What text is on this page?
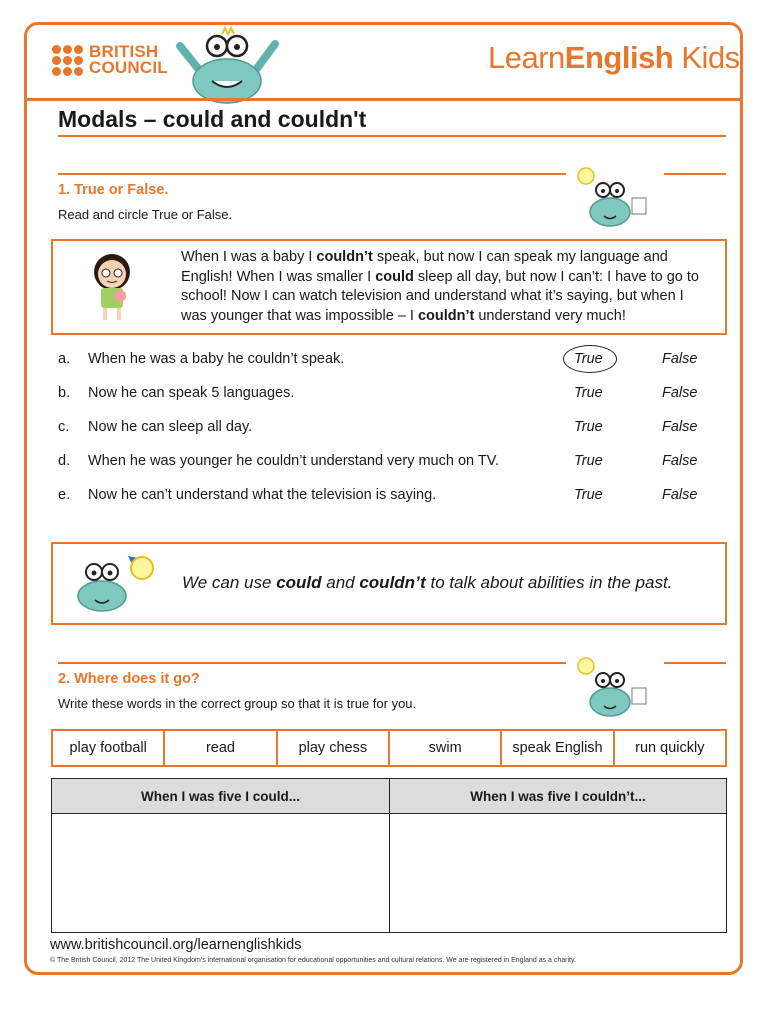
BRITISH
COUNCIL	LearnEnglish Kids
Modals – could and couldn't
1. True or False.
Read and circle True or False.
When I was a baby I couldn’t speak, but now I can speak my language and English! When I was smaller I could sleep all day, but now I can’t: I have to go to school! Now I can watch television and understand what it’s saying, but when I was younger that was impossible – I couldn’t understand very much!
a. When he was a baby he couldn’t speak.	True	False
b. Now he can speak 5 languages.	True	False
c. Now he can sleep all day.	True	False
d. When he was younger he couldn’t understand very much on TV.	True	False
e. Now he can’t understand what the television is saying.	True	False
We can use could and couldn’t to talk about abilities in the past.
2. Where does it go?
Write these words in the correct group so that it is true for you.
play football	read	play chess	swim	speak English	run quickly
When I was five I could...	When I was five I couldn’t...
www.britishcouncil.org/learnenglishkids
© The British Council, 2012 The United Kingdom’s international organisation for educational opportunities and cultural relations. We are registered in England as a charity.
